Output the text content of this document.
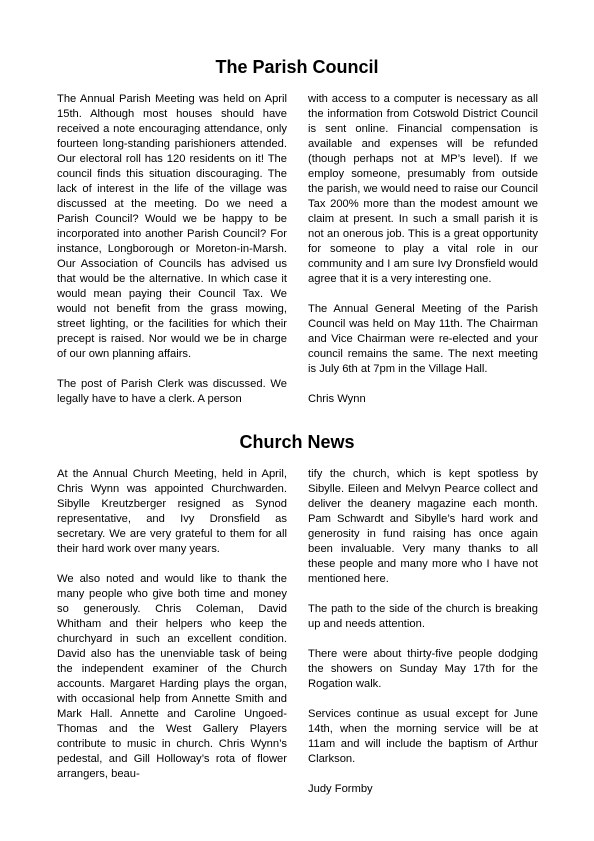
The Parish Council

The Annual Parish Meeting was held on April 15th. Although most houses should have received a note encouraging attendance, only fourteen long-standing parishioners attended. Our electoral roll has 120 residents on it! The council finds this situation discouraging. The lack of interest in the life of the village was discussed at the meeting. Do we need a Parish Council? Would we be happy to be incorporated into another Parish Council? For instance, Longborough or Moreton-in-Marsh. Our Association of Councils has advised us that would be the alternative. In which case it would mean paying their Council Tax. We would not benefit from the grass mowing, street lighting, or the facilities for which their precept is raised. Nor would we be in charge of our own planning affairs.

The post of Parish Clerk was discussed. We legally have to have a clerk. A person

with access to a computer is necessary as all the information from Cotswold District Council is sent online. Financial compensation is available and expenses will be refunded (though perhaps not at MP’s level). If we employ someone, presumably from outside the parish, we would need to raise our Council Tax 200% more than the modest amount we claim at present. In such a small parish it is not an onerous job. This is a great opportunity for someone to play a vital role in our community and I am sure Ivy Dronsfield would agree that it is a very interesting one.

The Annual General Meeting of the Parish Council was held on May 11th. The Chairman and Vice Chairman were re-elected and your council remains the same. The next meeting is July 6th at 7pm in the Village Hall.

Chris Wynn

Church News

At the Annual Church Meeting, held in April, Chris Wynn was appointed Churchwarden. Sibylle Kreutzberger resigned as Synod representative, and Ivy Dronsfield as secretary. We are very grateful to them for all their hard work over many years.

We also noted and would like to thank the many people who give both time and money so generously. Chris Coleman, David Whitham and their helpers who keep the churchyard in such an excellent condition. David also has the unenviable task of being the independent examiner of the Church accounts. Margaret Harding plays the organ, with occasional help from Annette Smith and Mark Hall. Annette and Caroline Ungoed-Thomas and the West Gallery Players contribute to music in church. Chris Wynn’s pedestal, and Gill Holloway’s rota of flower arrangers, beau-

tify the church, which is kept spotless by Sibylle. Eileen and Melvyn Pearce collect and deliver the deanery magazine each month. Pam Schwardt and Sibylle’s hard work and generosity in fund raising has once again been invaluable. Very many thanks to all these people and many more who I have not mentioned here.

The path to the side of the church is breaking up and needs attention.

There were about thirty-five people dodging the showers on Sunday May 17th for the Rogation walk.

Services continue as usual except for June 14th, when the morning service will be at 11am and will include the baptism of Arthur Clarkson.

Judy Formby
